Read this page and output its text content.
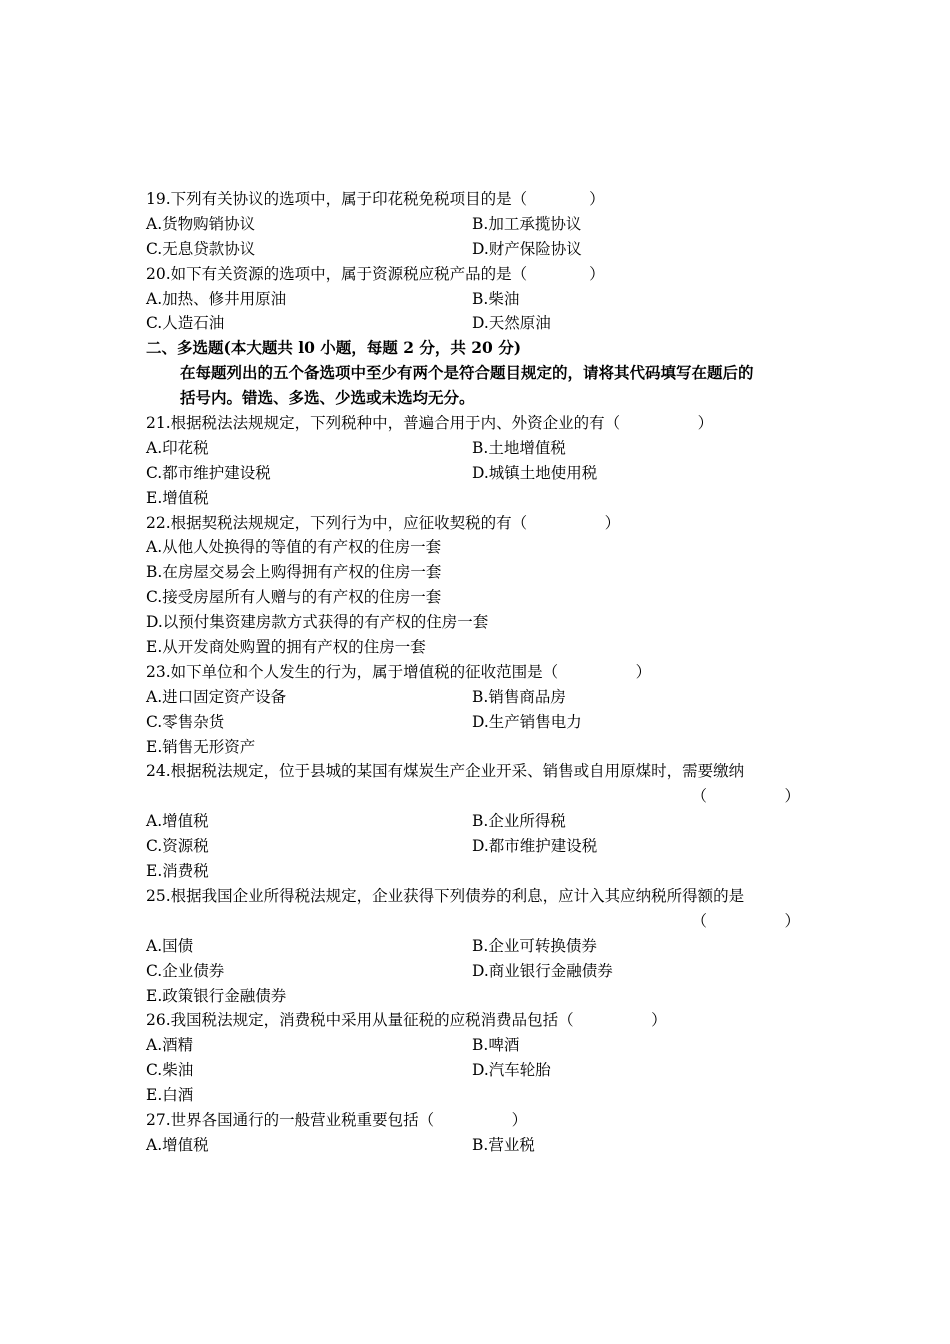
19.下列有关协议的选项中，属于印花税免税项目的是（　　　　）
A.货物购销协议	B.加工承揽协议
C.无息贷款协议	D.财产保险协议
20.如下有关资源的选项中，属于资源税应税产品的是（　　　　）
A.加热、修井用原油	B.柴油
C.人造石油	D.天然原油
二、多选题(本大题共 l0 小题，每题 2 分，共 20 分)
在每题列出的五个备选项中至少有两个是符合题目规定的，请将其代码填写在题后的
括号内。错选、多选、少选或未选均无分。
21.根据税法法规规定，下列税种中，普遍合用于内、外资企业的有（　　　　　）
A.印花税	B.土地增值税
C.都市维护建设税	D.城镇土地使用税
E.增值税
22.根据契税法规规定，下列行为中，应征收契税的有（　　　　　）
A.从他人处换得的等值的有产权的住房一套
B.在房屋交易会上购得拥有产权的住房一套
C.接受房屋所有人赠与的有产权的住房一套
D.以预付集资建房款方式获得的有产权的住房一套
E.从开发商处购置的拥有产权的住房一套
23.如下单位和个人发生的行为，属于增值税的征收范围是（　　　　　）
A.进口固定资产设备	B.销售商品房
C.零售杂货	D.生产销售电力
E.销售无形资产
24.根据税法规定，位于县城的某国有煤炭生产企业开采、销售或自用原煤时，需要缴纳
（　　　　　）
A.增值税	B.企业所得税
C.资源税	D.都市维护建设税
E.消费税
25.根据我国企业所得税法规定，企业获得下列债券的利息，应计入其应纳税所得额的是
（　　　　　）
A.国债	B.企业可转换债券
C.企业债券	D.商业银行金融债券
E.政策银行金融债券
26.我国税法规定，消费税中采用从量征税的应税消费品包括（　　　　　）
A.酒精	B.啤酒
C.柴油	D.汽车轮胎
E.白酒
27.世界各国通行的一般营业税重要包括（　　　　　）
A.增值税	B.营业税
